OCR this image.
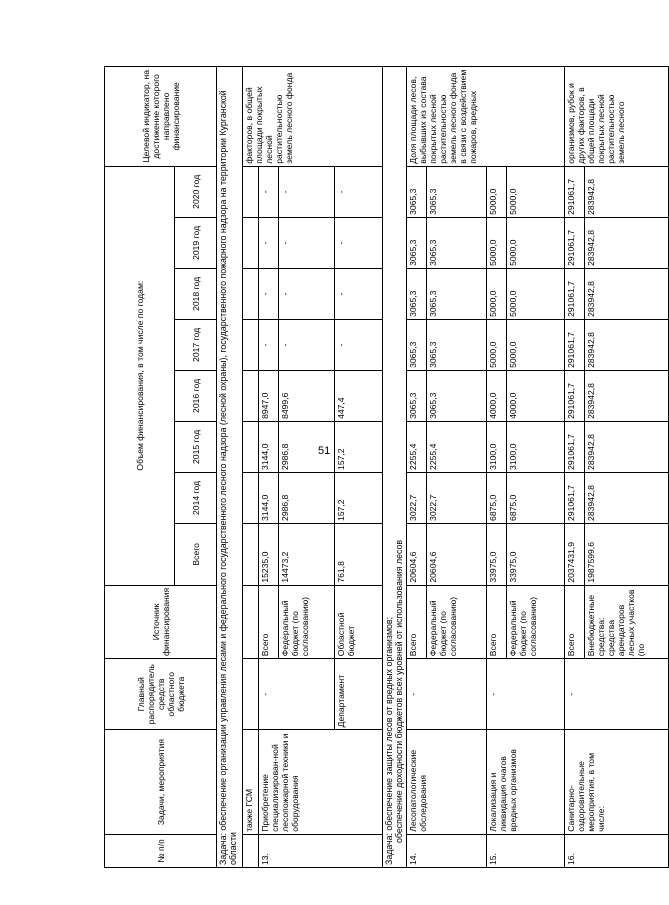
51
№ п/п	Задачи, мероприятия	Главный распорядитель средств областного бюджета	Источник финансирования	Объем финансирования, в том числе по годам:								Целевой индикатор, на достижение которого направлено финансирование
				Всего	2014 год	2015 год	2016 год	2017 год	2018 год	2019 год	2020 год	
Задача: обеспечение организации управления лесами и федерального государственного лесного надзора (лесной охраны), государственного пожарного надзора на территории Курганской области												
	также ГСМ											факторов, в общей площади покрытых лесной растительностью земель лесного фонда
13.	Приобретение специализирован-ной лесопожарной техники и оборудования	-	Всего	15235,0	3144,0	3144,0	8947,0	-	-	-	-	
			Федеральный бюджет (по согласованию)	14473,2	2986,8	2986,8	8499,6	-	-	-	-	
		Департамент	Областной бюджет	761,8	157,2	157,2	447,4	-	-	-	-	

Задача: обеспечение защиты лесов от вредных организмов; обеспечение доходности бюджетов всех уровней от использования лесов												

14.	Лесопатологические обследования	-	Всего	20604,6	3022,7	2255,4	3065,3	3065,3	3065,3	3065,3	3065,3	Доля площади лесов, выбывших из состава покрытых лесной растительностью земель лесного фонда в связи с воздействием пожаров, вредных
			Федеральный бюджет (по согласованию)	20604,6	3022,7	2255,4	3065,3	3065,3	3065,3	3065,3	3065,3	
15.	Локализация и ликвидация очагов вредных организмов	-	Всего	33975,0	6875,0	3100,0	4000,0	5000,0	5000,0	5000,0	5000,0	
			Федеральный бюджет (по согласованию)	33975,0	6875,0	3100,0	4000,0	5000,0	5000,0	5000,0	5000,0	
16.	Санитарно-оздоровительные мероприятия, в том числе:	-	Всего	2037431,9	291061,7	291061,7	291061,7	291061,7	291061,7	291061,7	291061,7	организмов, рубок и других факторов, в общей площади покрытых лесной растительностью земель лесного
			Внебюджетные средства: средства арендаторов лесных участков (по	1987599,6	283942,8	283942,8	283942,8	283942,8	283942,8	283942,8	283942,8	
